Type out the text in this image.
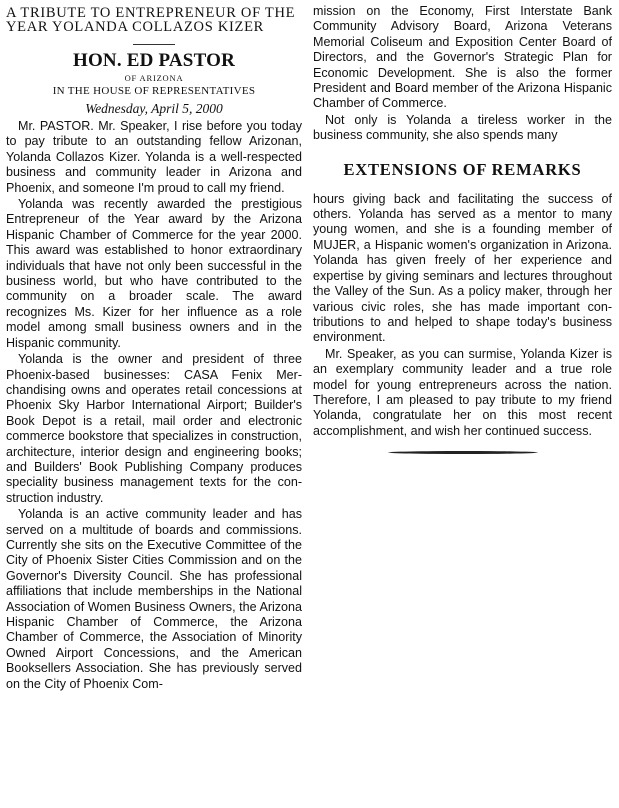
A TRIBUTE TO ENTREPRENEUR OF THE YEAR YOLANDA COLLAZOS KIZER

HON. ED PASTOR

OF ARIZONA

IN THE HOUSE OF REPRESENTATIVES

Wednesday, April 5, 2000

Mr. PASTOR. Mr. Speaker, I rise before you today to pay tribute to an outstanding fellow Arizonan, Yolanda Collazos Kizer. Yolanda is a well-respected business and community leader in Arizona and Phoenix, and someone I'm proud to call my friend.

Yolanda was recently awarded the prestigious Entrepreneur of the Year award by the Arizona Hispanic Chamber of Commerce for the year 2000. This award was established to honor extraordinary individuals that have not only been successful in the business world, but who have contributed to the community on a broader scale. The award recognizes Ms. Kizer for her influence as a role model among small business owners and in the Hispanic community.

Yolanda is the owner and president of three Phoenix-based businesses: CASA Fenix Merchandising owns and operates retail concessions at Phoenix Sky Harbor International Airport; Builder's Book Depot is a retail, mail order and electronic commerce bookstore that specializes in construction, architecture, interior design and engineering books; and Builders' Book Publishing Company produces speciality business management texts for the construction industry.

Yolanda is an active community leader and has served on a multitude of boards and commissions. Currently she sits on the Executive Committee of the City of Phoenix Sister Cities Commission and on the Governor's Diversity Council. She has professional affiliations that include memberships in the National Association of Women Business Owners, the Arizona Hispanic Chamber of Commerce, the Arizona Chamber of Commerce, the Association of Minority Owned Airport Concessions, and the American Booksellers Association. She has previously served on the City of Phoenix Com-

mission on the Economy, First Interstate Bank Community Advisory Board, Arizona Veterans Memorial Coliseum and Exposition Center Board of Directors, and the Governor's Strategic Plan for Economic Development. She is also the former President and Board member of the Arizona Hispanic Chamber of Commerce.

Not only is Yolanda a tireless worker in the business community, she also spends many

EXTENSIONS OF REMARKS

hours giving back and facilitating the success of others. Yolanda has served as a mentor to many young women, and she is a founding member of MUJER, a Hispanic women's organization in Arizona. Yolanda has given freely of her experience and expertise by giving seminars and lectures throughout the Valley of the Sun. As a policy maker, through her various civic roles, she has made important contributions to and helped to shape today's business environment.

Mr. Speaker, as you can surmise, Yolanda Kizer is an exemplary community leader and a true role model for young entrepreneurs across the nation. Therefore, I am pleased to pay tribute to my friend Yolanda, congratulate her on this most recent accomplishment, and wish her continued success.
